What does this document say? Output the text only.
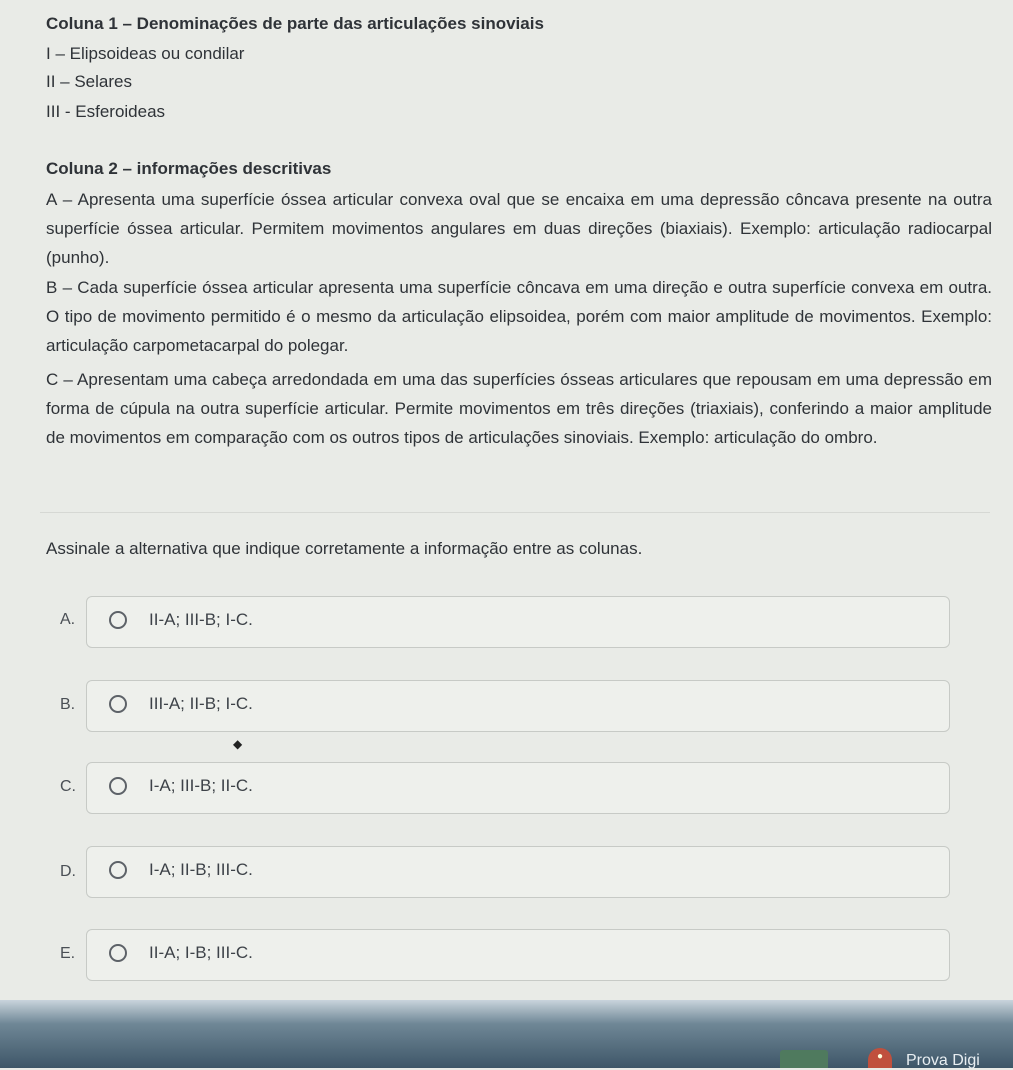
Coluna 1 – Denominações de parte das articulações sinoviais
I – Elipsoideas ou condilar
II – Selares
III - Esferoideas
Coluna 2 – informações descritivas
A – Apresenta uma superfície óssea articular convexa oval que se encaixa em uma depressão côncava presente na outra superfície óssea articular. Permitem movimentos angulares em duas direções (biaxiais). Exemplo: articulação radiocarpal (punho).
B – Cada superfície óssea articular apresenta uma superfície côncava em uma direção e outra superfície convexa em outra. O tipo de movimento permitido é o mesmo da articulação elipsoidea, porém com maior amplitude de movimentos. Exemplo: articulação carpometacarpal do polegar.
C – Apresentam uma cabeça arredondada em uma das superfícies ósseas articulares que repousam em uma depressão em forma de cúpula na outra superfície articular. Permite movimentos em três direções (triaxiais), conferindo a maior amplitude de movimentos em comparação com os outros tipos de articulações sinoviais. Exemplo: articulação do ombro.
Assinale a alternativa que indique corretamente a informação entre as colunas.
A.	II-A; III-B; I-C.
B.	III-A; II-B; I-C.
◆
C.	I-A; III-B; II-C.
D.	I-A; II-B; III-C.
E.	II-A; I-B; III-C.
●	Prova Digi
